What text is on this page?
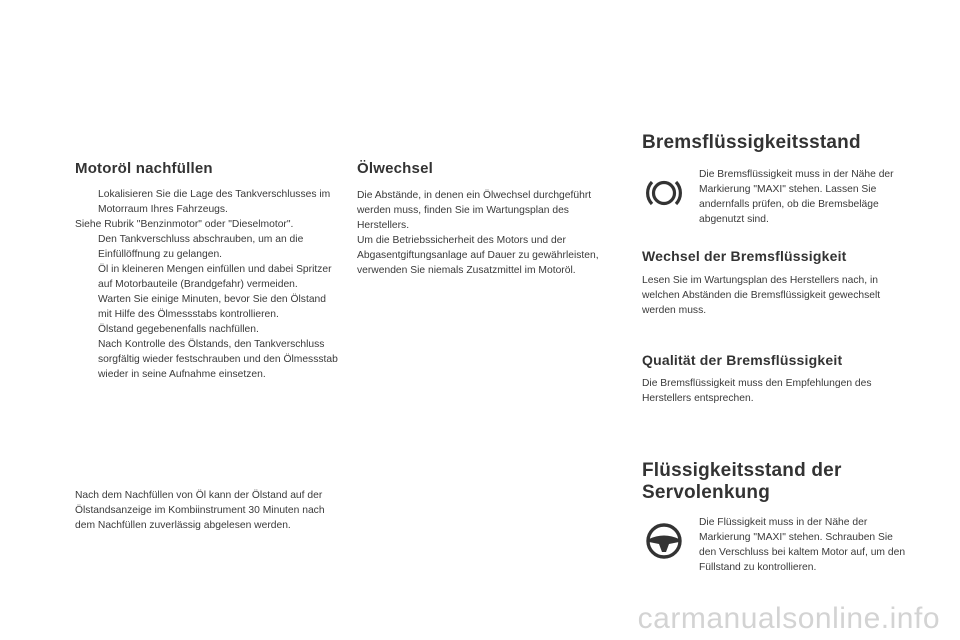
Motoröl nachfüllen
Lokalisieren Sie die Lage des Tankverschlusses im Motorraum Ihres Fahrzeugs.
Siehe Rubrik "Benzinmotor" oder "Dieselmotor".
Den Tankverschluss abschrauben, um an die Einfüllöffnung zu gelangen.
Öl in kleineren Mengen einfüllen und dabei Spritzer auf Motorbauteile (Brandgefahr) vermeiden.
Warten Sie einige Minuten, bevor Sie den Ölstand mit Hilfe des Ölmessstabs kontrollieren.
Ölstand gegebenenfalls nachfüllen.
Nach Kontrolle des Ölstands, den Tankverschluss sorgfältig wieder festschrauben und den Ölmessstab wieder in seine Aufnahme einsetzen.

Nach dem Nachfüllen von Öl kann der Ölstand auf der Ölstandsanzeige im Kombiinstrument 30 Minuten nach dem Nachfüllen zuverlässig abgelesen werden.

Ölwechsel

Die Abstände, in denen ein Ölwechsel durchgeführt werden muss, finden Sie im Wartungsplan des Herstellers.

Um die Betriebssicherheit des Motors und der Abgasentgiftungsanlage auf Dauer zu gewährleisten, verwenden Sie niemals Zusatzmittel im Motoröl.

Bremsflüssigkeitsstand

Die Bremsflüssigkeit muss in der Nähe der Markierung "MAXI" stehen. Lassen Sie andernfalls prüfen, ob die Bremsbeläge abgenutzt sind.

Wechsel der Bremsflüssigkeit

Lesen Sie im Wartungsplan des Herstellers nach, in welchen Abständen die Bremsflüssigkeit gewechselt werden muss.

Qualität der Bremsflüssigkeit

Die Bremsflüssigkeit muss den Empfehlungen des Herstellers entsprechen.

Flüssigkeitsstand der Servolenkung

Die Flüssigkeit muss in der Nähe der Markierung "MAXI" stehen. Schrauben Sie den Verschluss bei kaltem Motor auf, um den Füllstand zu kontrollieren.

carmanualsonline.info
